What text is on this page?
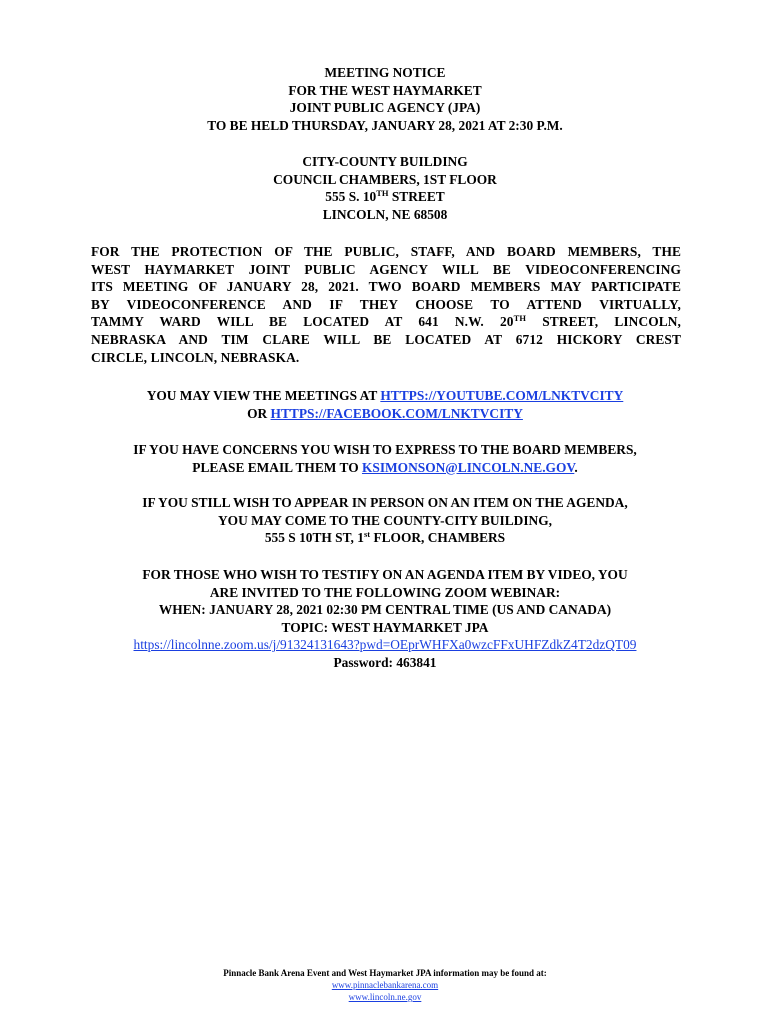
MEETING NOTICE
FOR THE WEST HAYMARKET
JOINT PUBLIC AGENCY (JPA)
TO BE HELD THURSDAY, JANUARY 28, 2021 AT 2:30 P.M.
CITY-COUNTY BUILDING
COUNCIL CHAMBERS, 1ST FLOOR
555 S. 10TH STREET
LINCOLN, NE 68508
FOR THE PROTECTION OF THE PUBLIC, STAFF, AND BOARD MEMBERS, THE
WEST HAYMARKET JOINT PUBLIC AGENCY WILL BE VIDEOCONFERENCING
ITS MEETING OF JANUARY 28, 2021. TWO BOARD MEMBERS MAY PARTICIPATE
BY VIDEOCONFERENCE AND IF THEY CHOOSE TO ATTEND VIRTUALLY,
TAMMY WARD WILL BE LOCATED AT 641 N.W. 20TH STREET, LINCOLN,
NEBRASKA AND TIM CLARE WILL BE LOCATED AT 6712 HICKORY CREST
CIRCLE, LINCOLN, NEBRASKA.
YOU MAY VIEW THE MEETINGS AT HTTPS://YOUTUBE.COM/LNKTVCITY
OR HTTPS://FACEBOOK.COM/LNKTVCITY
IF YOU HAVE CONCERNS YOU WISH TO EXPRESS TO THE BOARD MEMBERS,
PLEASE EMAIL THEM TO KSIMONSON@LINCOLN.NE.GOV.
IF YOU STILL WISH TO APPEAR IN PERSON ON AN ITEM ON THE AGENDA,
YOU MAY COME TO THE COUNTY-CITY BUILDING,
555 S 10TH ST, 1st FLOOR, CHAMBERS
FOR THOSE WHO WISH TO TESTIFY ON AN AGENDA ITEM BY VIDEO, YOU
ARE INVITED TO THE FOLLOWING ZOOM WEBINAR:
WHEN: JANUARY 28, 2021 02:30 PM CENTRAL TIME (US AND CANADA)
TOPIC: WEST HAYMARKET JPA
https://lincolnne.zoom.us/j/91324131643?pwd=OEprWHFXa0wzcFFxUHFZdkZ4T2dzQT09
Password: 463841
Pinnacle Bank Arena Event and West Haymarket JPA information may be found at:
www.pinnaclebankarena.com
www.lincoln.ne.gov
